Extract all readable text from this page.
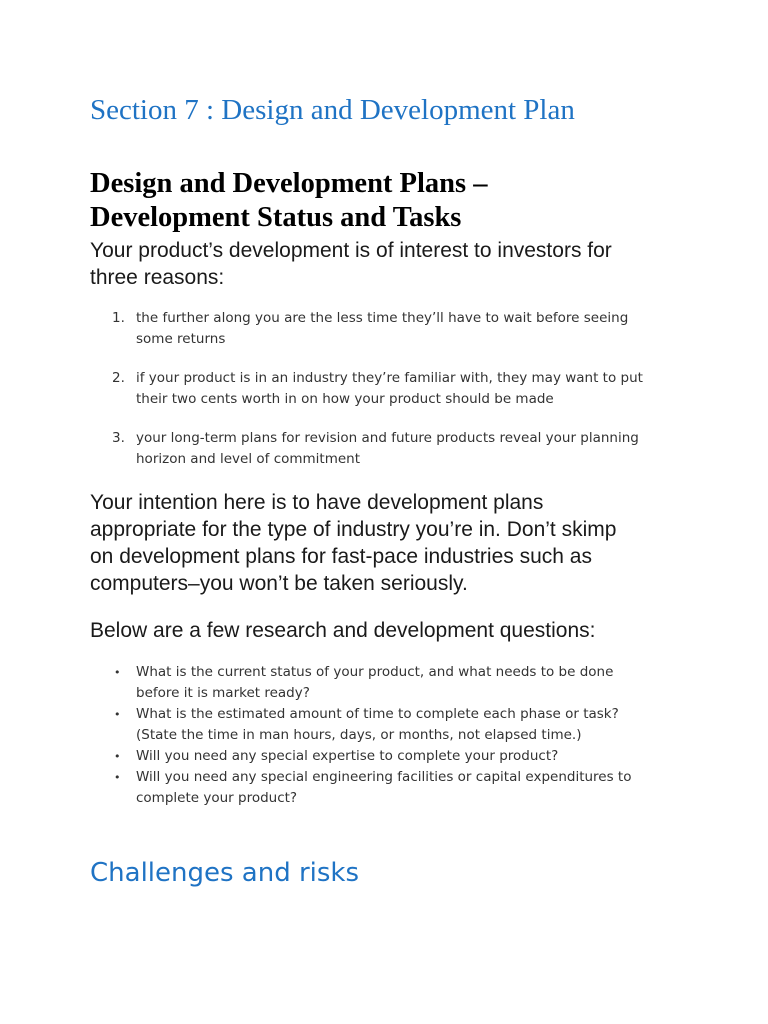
Section 7 : Design and Development Plan
Design and Development Plans –
Development Status and Tasks

Your product’s development is of interest to investors for
three reasons:

1. the further along you are the less time they’ll have to wait before seeing
some returns
2. if your product is in an industry they’re familiar with, they may want to put
their two cents worth in on how your product should be made
3. your long-term plans for revision and future products reveal your planning
horizon and level of commitment

Your intention here is to have development plans
appropriate for the type of industry you’re in. Don’t skimp
on development plans for fast-pace industries such as
computers–you won’t be taken seriously.

Below are a few research and development questions:

• What is the current status of your product, and what needs to be done
before it is market ready?
• What is the estimated amount of time to complete each phase or task?
(State the time in man hours, days, or months, not elapsed time.)
• Will you need any special expertise to complete your product?
• Will you need any special engineering facilities or capital expenditures to
complete your product?
Challenges and risks
